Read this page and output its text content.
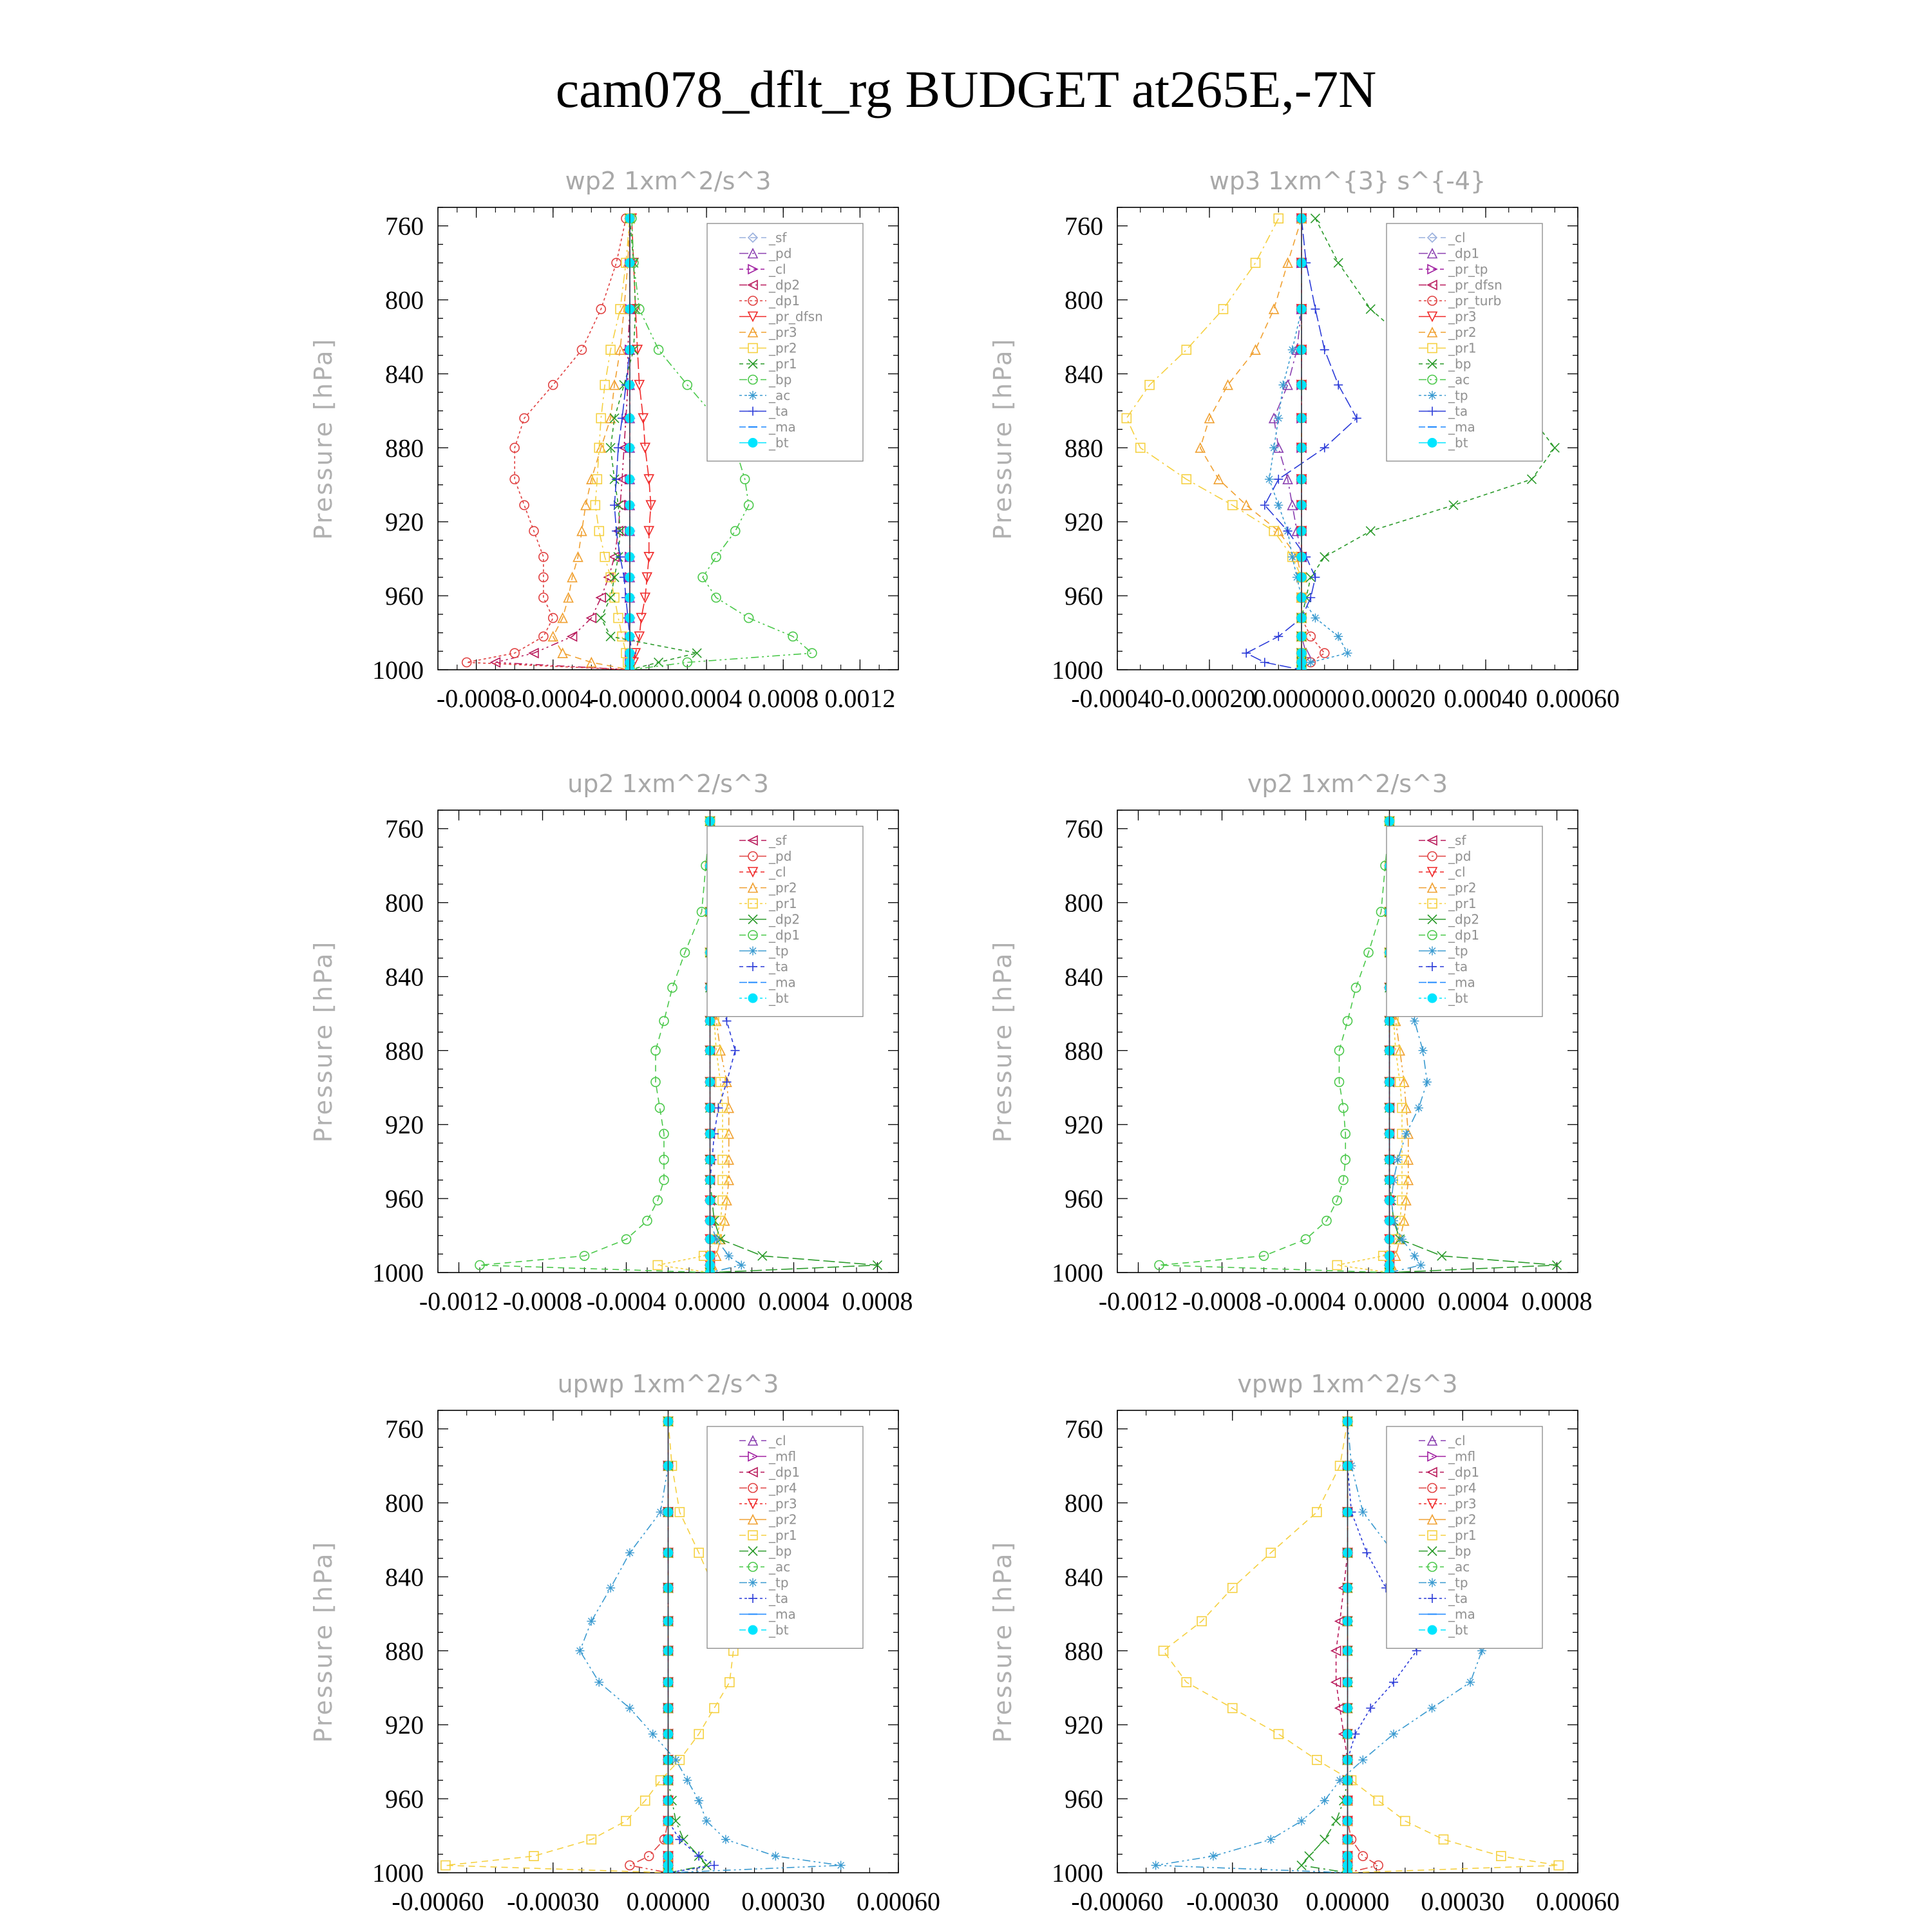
cam078_dflt_rg BUDGET at265E,-7N
wp2 1xm^2/s^3
Pressure [hPa]
760
800
840
880
920
960
1000
-0.0008
-0.0004
-0.0000 0.0004 0.0008 0.0012
_sf
_pd
_cl
_dp2
_dp1
_pr_dfsn
_pr3
_pr2
_pr1
_bp
_ac
_ta
_ma
_bt
wp3 1xm^{3} s^{-4}
Pressure [hPa]
760
800
840
880
920
960
1000
-0.00040 -0.00020
0.000000 0.00020 0.00040 0.00060
_cl
_dp1
_pr_tp
_pr_dfsn
_pr_turb
_pr3
_pr2
_pr1
_bp
_ac
_tp
_ta
_ma
_bt
up2 1xm^2/s^3
Pressure [hPa]
760
800
840
880
920
960
1000
-0.0012 -0.0008 -0.0004 0.0000 0.0004 0.0008
_sf
_pd
_cl
_pr2
_pr1
_dp2
_dp1
_tp
_ta
_ma
_bt
vp2 1xm^2/s^3
Pressure [hPa]
760
800
840
880
920
960
1000
-0.0012 -0.0008 -0.0004 0.0000 0.0004 0.0008
_sf
_pd
_cl
_pr2
_pr1
_dp2
_dp1
_tp
_ta
_ma
_bt
upwp 1xm^2/s^3
Pressure [hPa]
760
800
840
880
920
960
1000
-0.00060 -0.00030 0.00000 0.00030 0.00060
_cl
_mfl
_dp1
_pr4
_pr3
_pr2
_pr1
_bp
_ac
_tp
_ta
_ma
_bt
vpwp 1xm^2/s^3
Pressure [hPa]
760
800
840
880
920
960
1000
-0.00060 -0.00030 0.00000 0.00030 0.00060
_cl
_mfl
_dp1
_pr4
_pr3
_pr2
_pr1
_bp
_ac
_tp
_ta
_ma
_bt
